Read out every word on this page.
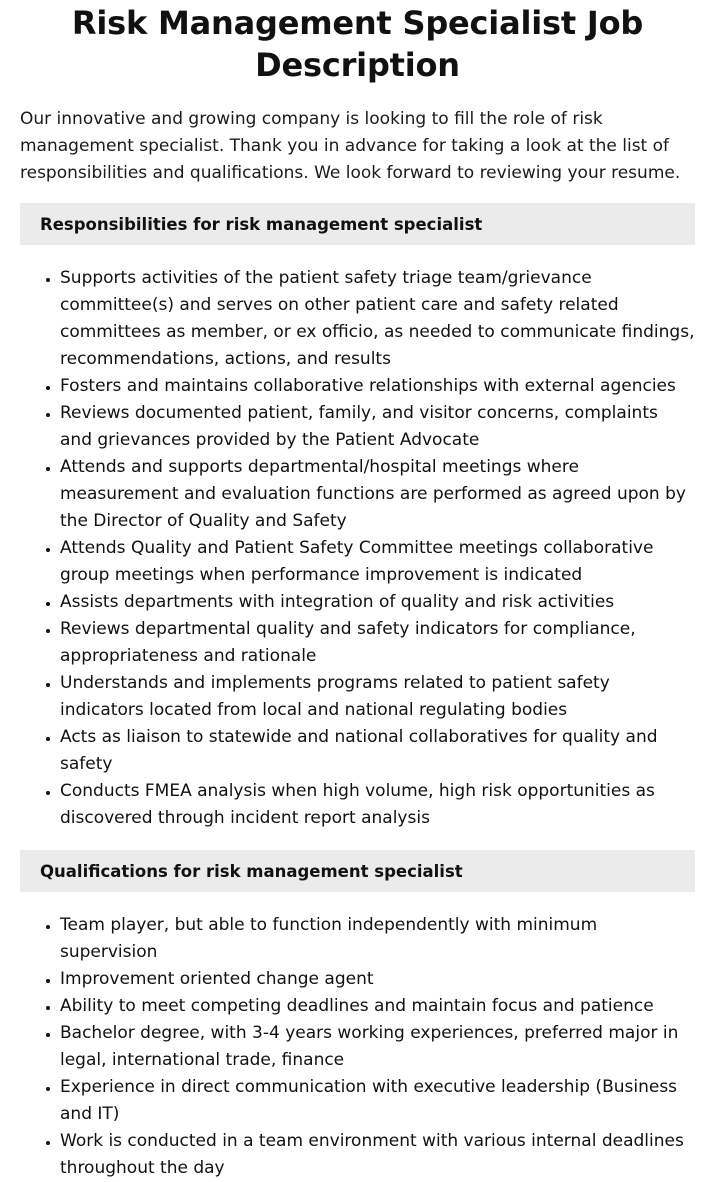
Risk Management Specialist Job Description

Our innovative and growing company is looking to fill the role of risk management specialist. Thank you in advance for taking a look at the list of responsibilities and qualifications. We look forward to reviewing your resume.

Responsibilities for risk management specialist
• Supports activities of the patient safety triage team/grievance committee(s) and serves on other patient care and safety related committees as member, or ex officio, as needed to communicate findings, recommendations, actions, and results
• Fosters and maintains collaborative relationships with external agencies
• Reviews documented patient, family, and visitor concerns, complaints and grievances provided by the Patient Advocate
• Attends and supports departmental/hospital meetings where measurement and evaluation functions are performed as agreed upon by the Director of Quality and Safety
• Attends Quality and Patient Safety Committee meetings collaborative group meetings when performance improvement is indicated
• Assists departments with integration of quality and risk activities
• Reviews departmental quality and safety indicators for compliance, appropriateness and rationale
• Understands and implements programs related to patient safety indicators located from local and national regulating bodies
• Acts as liaison to statewide and national collaboratives for quality and safety
• Conducts FMEA analysis when high volume, high risk opportunities as discovered through incident report analysis
Qualifications for risk management specialist
• Team player, but able to function independently with minimum supervision
• Improvement oriented change agent
• Ability to meet competing deadlines and maintain focus and patience
• Bachelor degree, with 3-4 years working experiences, preferred major in legal, international trade, finance
• Experience in direct communication with executive leadership (Business and IT)
• Work is conducted in a team environment with various internal deadlines throughout the day
